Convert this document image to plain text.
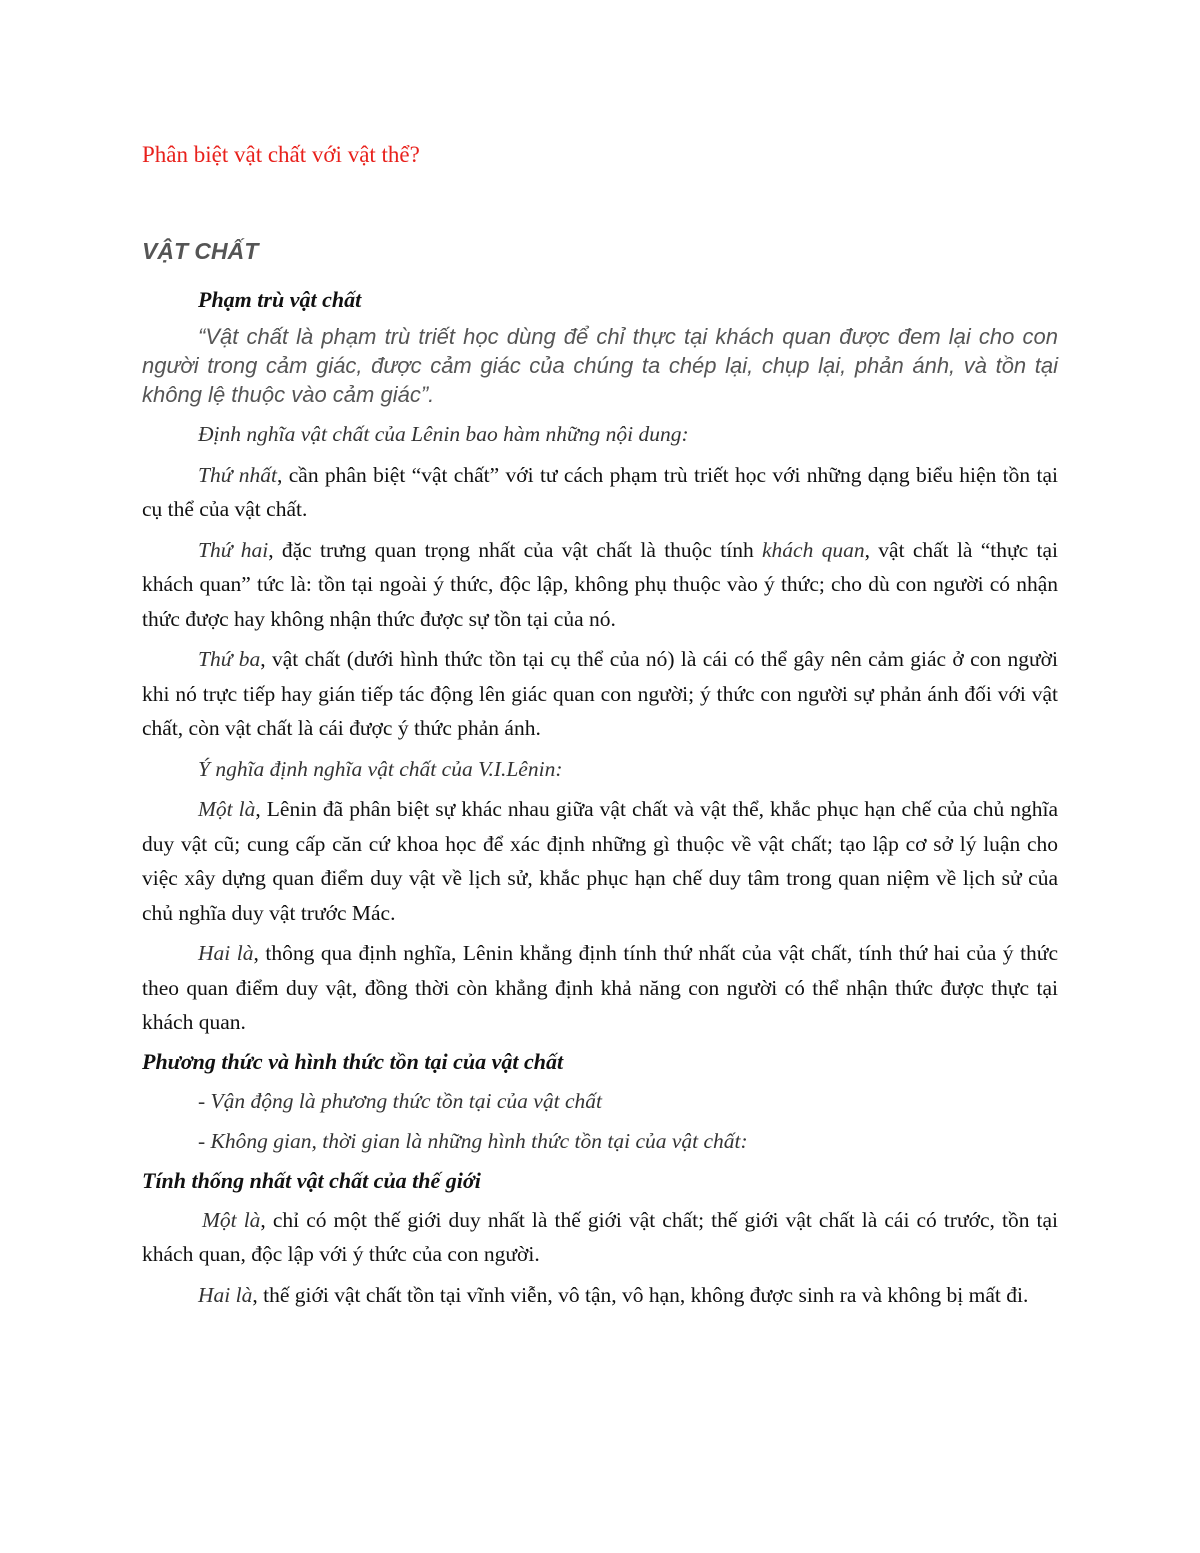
Phân biệt vật chất với vật thể?
VẬT CHẤT
Phạm trù vật chất

“Vật chất là phạm trù triết học dùng để chỉ thực tại khách quan được đem lại cho con người trong cảm giác, được cảm giác của chúng ta chép lại, chụp lại, phản ánh, và tồn tại không lệ thuộc vào cảm giác”.

Định nghĩa vật chất của Lênin bao hàm những nội dung:

Thứ nhất, cần phân biệt “vật chất” với tư cách phạm trù triết học với những dạng biểu hiện tồn tại cụ thể của vật chất.

Thứ hai, đặc trưng quan trọng nhất của vật chất là thuộc tính khách quan, vật chất là “thực tại khách quan” tức là: tồn tại ngoài ý thức, độc lập, không phụ thuộc vào ý thức; cho dù con người có nhận thức được hay không nhận thức được sự tồn tại của nó.

Thứ ba, vật chất (dưới hình thức tồn tại cụ thể của nó) là cái có thể gây nên cảm giác ở con người khi nó trực tiếp hay gián tiếp tác động lên giác quan con người; ý thức con người sự phản ánh đối với vật chất, còn vật chất là cái được ý thức phản ánh.

Ý nghĩa định nghĩa vật chất của V.I.Lênin:

Một là, Lênin đã phân biệt sự khác nhau giữa vật chất và vật thể, khắc phục hạn chế của chủ nghĩa duy vật cũ; cung cấp căn cứ khoa học để xác định những gì thuộc về vật chất; tạo lập cơ sở lý luận cho việc xây dựng quan điểm duy vật về lịch sử, khắc phục hạn chế duy tâm trong quan niệm về lịch sử của chủ nghĩa duy vật trước Mác.

Hai là, thông qua định nghĩa, Lênin khẳng định tính thứ nhất của vật chất, tính thứ hai của ý thức theo quan điểm duy vật, đồng thời còn khẳng định khả năng con người có thể nhận thức được thực tại khách quan.

Phương thức và hình thức tồn tại của vật chất

- Vận động là phương thức tồn tại của vật chất

- Không gian, thời gian là những hình thức tồn tại của vật chất:

Tính thống nhất vật chất của thế giới

Một là, chỉ có một thế giới duy nhất là thế giới vật chất; thế giới vật chất là cái có trước, tồn tại khách quan, độc lập với ý thức của con người.

Hai là, thế giới vật chất tồn tại vĩnh viễn, vô tận, vô hạn, không được sinh ra và không bị mất đi.
